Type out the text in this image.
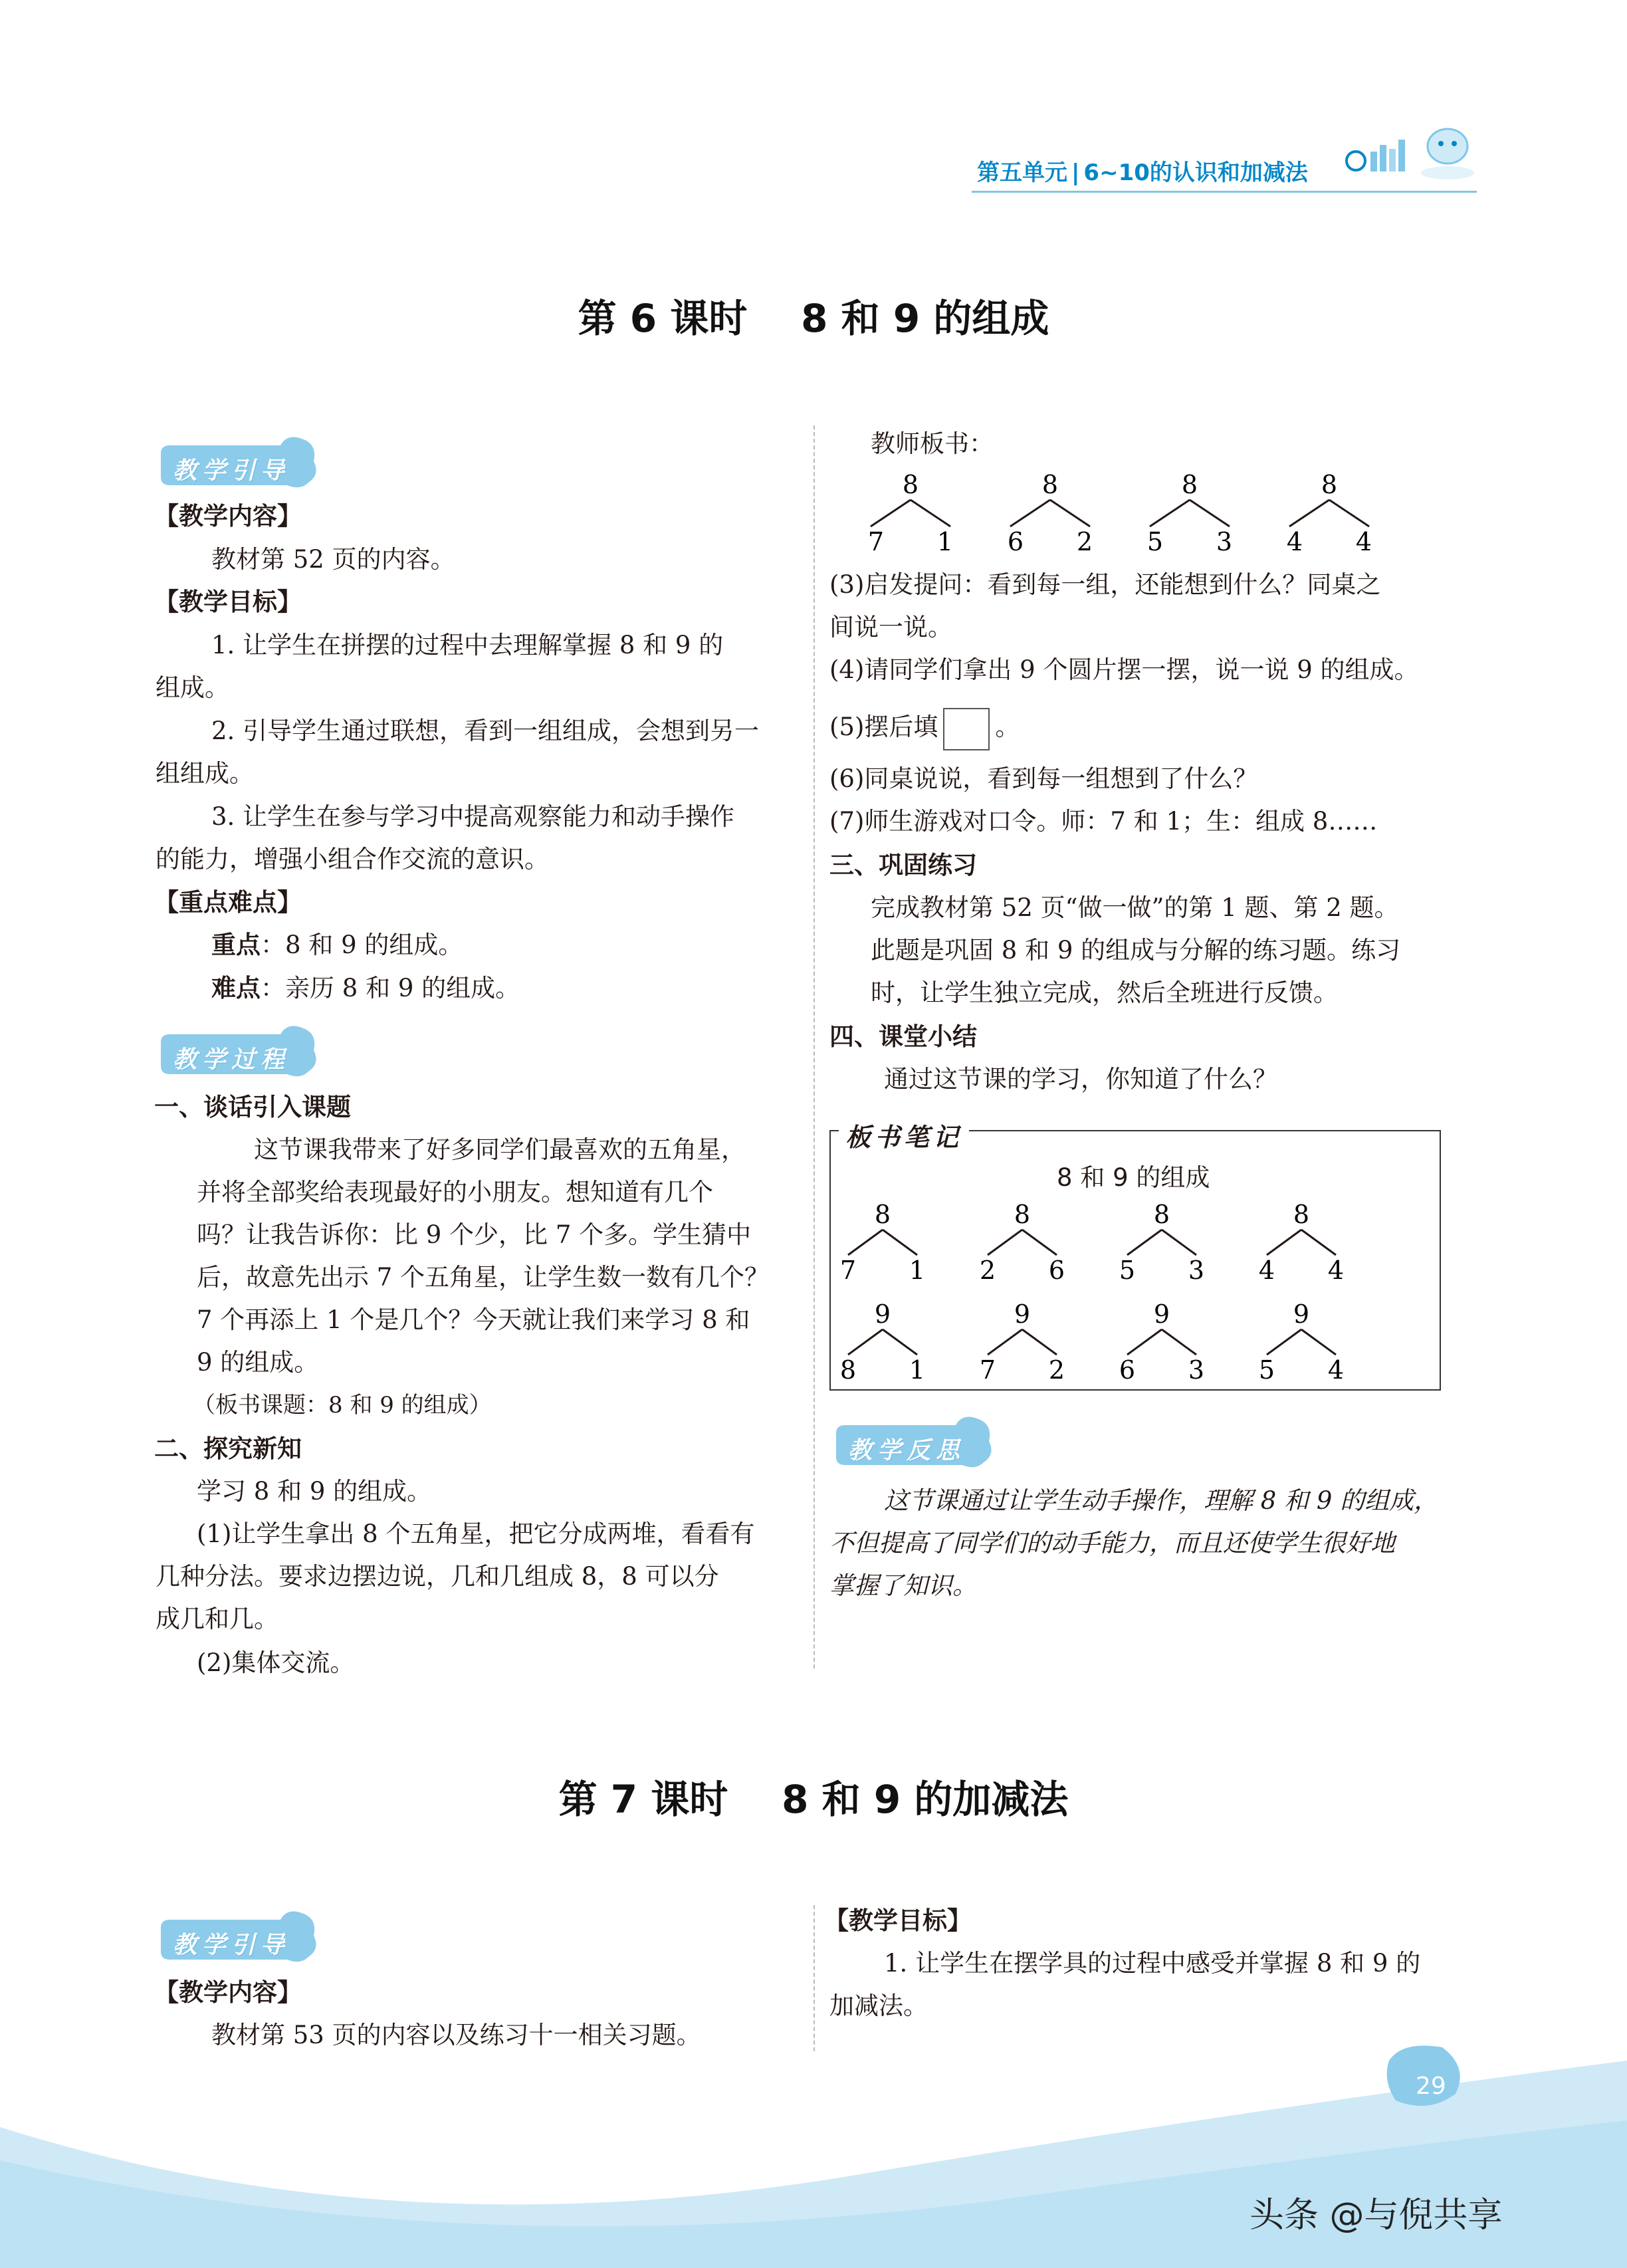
第五单元 | 6~10的认识和加减法
第 6 课时    8 和 9 的组成
教学引导
【教学内容】
教材第 52 页的内容。
【教学目标】
1. 让学生在拼摆的过程中去理解掌握 8 和 9 的
组成。
2. 引导学生通过联想，看到一组组成，会想到另一
组组成。
3. 让学生在参与学习中提高观察能力和动手操作
的能力，增强小组合作交流的意识。
【重点难点】
重点：8 和 9 的组成。
难点：亲历 8 和 9 的组成。
教学过程
一、谈话引入课题
这节课我带来了好多同学们最喜欢的五角星，
并将全部奖给表现最好的小朋友。想知道有几个
吗？让我告诉你：比 9 个少，比 7 个多。学生猜中
后，故意先出示 7 个五角星，让学生数一数有几个？
7 个再添上 1 个是几个？今天就让我们来学习 8 和
9 的组成。
（板书课题：8 和 9 的组成）
二、探究新知
学习 8 和 9 的组成。
(1)让学生拿出 8 个五角星，把它分成两堆，看看有
几种分法。要求边摆边说，几和几组成 8，8 可以分
成几和几。
(2)集体交流。
教师板书：
8
7 1
8
6 2
8
5 3
8
4 4
(3)启发提问：看到每一组，还能想到什么？同桌之
间说一说。
(4)请同学们拿出 9 个圆片摆一摆，说一说 9 的组成。
(5)摆后填 。
(6)同桌说说，看到每一组想到了什么？
(7)师生游戏对口令。师：7 和 1；生：组成 8……
三、巩固练习
完成教材第 52 页“做一做”的第 1 题、第 2 题。
此题是巩固 8 和 9 的组成与分解的练习题。练习
时，让学生独立完成，然后全班进行反馈。
四、课堂小结
通过这节课的学习，你知道了什么？
板书笔记
8 和 9 的组成
8
7 1
8
2 6
8
5 3
8
4 4
9
8 1
9
7 2
9
6 3
9
5 4
教学反思
这节课通过让学生动手操作，理解 8 和 9 的组成，
不但提高了同学们的动手能力，而且还使学生很好地
掌握了知识。
第 7 课时    8 和 9 的加减法
教学引导
【教学内容】
教材第 53 页的内容以及练习十一相关习题。
【教学目标】
1. 让学生在摆学具的过程中感受并掌握 8 和 9 的
加减法。
29
头条 @与倪共享
